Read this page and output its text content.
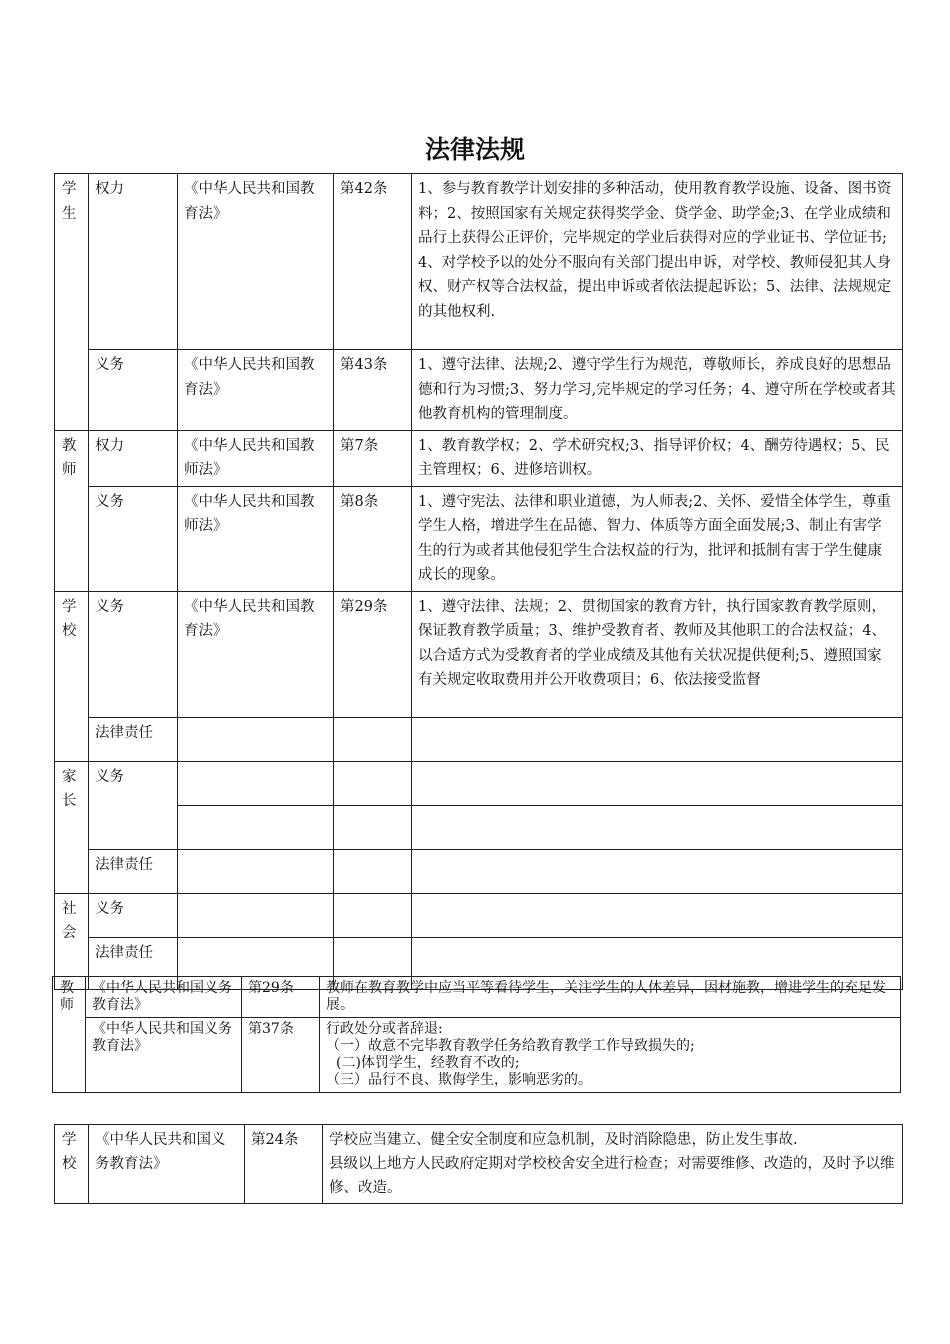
法律法规
学生	权力	《中华人民共和国教育法》	第42条	1、参与教育教学计划安排的多种活动，使用教育教学设施、设备、图书资料；2、按照国家有关规定获得奖学金、贷学金、助学金;3、在学业成绩和品行上获得公正评价，完毕规定的学业后获得对应的学业证书、学位证书;4、对学校予以的处分不服向有关部门提出申诉，对学校、教师侵犯其人身权、财产权等合法权益，提出申诉或者依法提起诉讼；5、法律、法规规定的其他权利.
	义务	《中华人民共和国教育法》	第43条	1、遵守法律、法规;2、遵守学生行为规范，尊敬师长，养成良好的思想品德和行为习惯;3、努力学习,完毕规定的学习任务；4、遵守所在学校或者其他教育机构的管理制度。
教师	权力	《中华人民共和国教师法》	第7条	1、教育教学权；2、学术研究权;3、指导评价权；4、酬劳待遇权；5、民主管理权；6、进修培训权。
	义务	《中华人民共和国教师法》	第8条	1、遵守宪法、法律和职业道德，为人师表;2、关怀、爱惜全体学生，尊重学生人格，增进学生在品德、智力、体质等方面全面发展;3、制止有害学生的行为或者其他侵犯学生合法权益的行为，批评和抵制有害于学生健康成长的现象。
学校	义务	《中华人民共和国教育法》	第29条	1、遵守法律、法规；2、贯彻国家的教育方针，执行国家教育教学原则，保证教育教学质量；3、维护受教育者、教师及其他职工的合法权益；4、以合适方式为受教育者的学业成绩及其他有关状况提供便利;5、遵照国家有关规定收取费用并公开收费项目；6、依法接受监督
	法律责任			
家长	义务			

	法律责任			
社会	义务			
	法律责任			
教师	《中华人民共和国义务教育法》	第29条	教师在教育教学中应当平等看待学生，关注学生的人体差异，因材施教，增进学生的充足发展。
	《中华人民共和国义务教育法》	第37条	行政处分或者辞退:
（一）故意不完毕教育教学任务给教育教学工作导致损失的;
(二)体罚学生，经教育不改的;
（三）品行不良、欺侮学生，影响恶劣的。
学校	《中华人民共和国义务教育法》	第24条	学校应当建立、健全安全制度和应急机制，及时消除隐患，防止发生事故.
县级以上地方人民政府定期对学校校舍安全进行检查；对需要维修、改造的，及时予以维修、改造。
